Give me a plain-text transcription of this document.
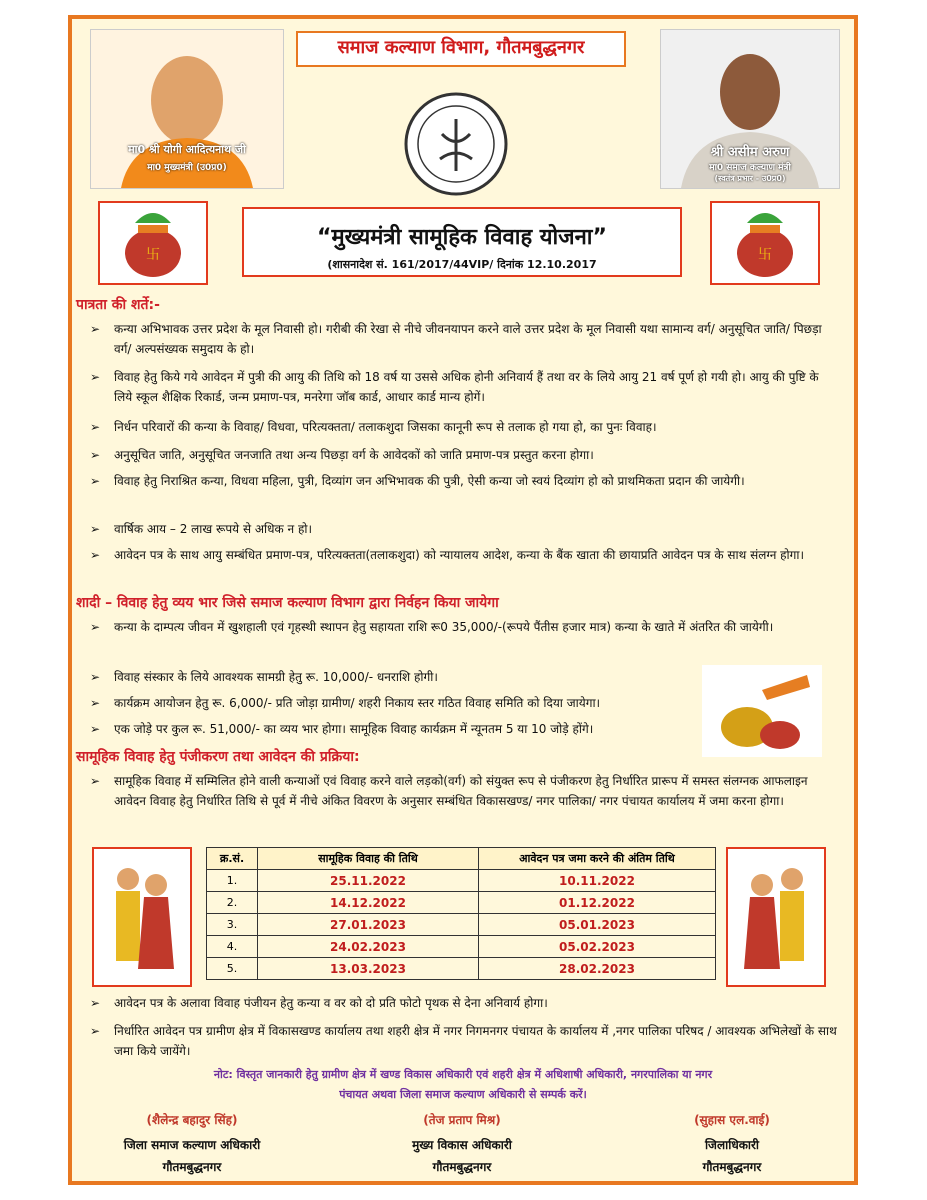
मा0 श्री योगी आदित्यनाथ जी
मा0 मुख्यमंत्री (उ0प्र0)
समाज कल्याण विभाग, गौतमबुद्धनगर
श्री असीम अरुण
मा0 समाज कल्याण मंत्री
(स्वतंत्र प्रभार - उ0प्र0)
卐
“मुख्यमंत्री सामूहिक विवाह योजना”
(शासनादेश सं. 161/2017/44VIP/ दिनांक 12.10.2017
卐
पात्रता की शर्ते:-
➢ कन्या अभिभावक उत्तर प्रदेश के मूल निवासी हो। गरीबी की रेखा से नीचे जीवनयापन करने वाले उत्तर प्रदेश के मूल निवासी यथा सामान्य वर्ग/ अनुसूचित जाति/ पिछड़ा वर्ग/ अल्पसंख्यक समुदाय के हो।
➢ विवाह हेतु किये गये आवेदन में पुत्री की आयु की तिथि को 18 वर्ष या उससे अधिक होनी अनिवार्य हैं तथा वर के लिये आयु 21 वर्ष पूर्ण हो गयी हो। आयु की पुष्टि के लिये स्कूल शैक्षिक रिकार्ड, जन्म प्रमाण-पत्र, मनरेगा जॉब कार्ड, आधार कार्ड मान्य होगें।
➢ निर्धन परिवारों की कन्या के विवाह/ विधवा, परित्यक्तता/ तलाकशुदा जिसका कानूनी रूप से तलाक हो गया हो, का पुनः विवाह।
➢ अनुसूचित जाति, अनुसूचित जनजाति तथा अन्य पिछड़ा वर्ग के आवेदकों को जाति प्रमाण-पत्र प्रस्तुत करना होगा।
➢ विवाह हेतु निराश्रित कन्या, विधवा महिला, पुत्री, दिव्यांग जन अभिभावक की पुत्री, ऐसी कन्या जो स्वयं दिव्यांग हो को प्राथमिकता प्रदान की जायेगी।
➢ वार्षिक आय – 2 लाख रूपये से अधिक न हो।
➢ आवेदन पत्र के साथ आयु सम्बंधित प्रमाण-पत्र, परित्यक्तता(तलाकशुदा) को न्यायालय आदेश, कन्या के बैंक खाता की छायाप्रति आवेदन पत्र के साथ संलग्न होगा।
शादी – विवाह हेतु व्यय भार जिसे समाज कल्याण विभाग द्वारा निर्वहन किया जायेगा
➢ कन्या के दाम्पत्य जीवन में खुशहाली एवं गृहस्थी स्थापन हेतु सहायता राशि रू0 35,000/-(रूपये पैंतीस हजार मात्र) कन्या के खाते में अंतरित की जायेगी।
➢ विवाह संस्कार के लिये आवश्यक सामग्री हेतु रू. 10,000/- धनराशि होगी।
➢ कार्यक्रम आयोजन हेतु रू. 6,000/- प्रति जोड़ा ग्रामीण/ शहरी निकाय स्तर गठित विवाह समिति को दिया जायेगा।
➢ एक जोड़े पर कुल रू. 51,000/- का व्यय भार होगा। सामूहिक विवाह कार्यक्रम में न्यूनतम 5 या 10 जोड़े होंगे।
सामूहिक विवाह हेतु पंजीकरण तथा आवेदन की प्रक्रिया:
➢ सामूहिक विवाह में सम्मिलित होने वाली कन्याओं एवं विवाह करने वाले लड़को(वर्ग) को संयुक्त रूप से पंजीकरण हेतु निर्धारित प्रारूप में समस्त संलग्नक आफलाइन आवेदन विवाह हेतु निर्धारित तिथि से पूर्व में नीचे अंकित विवरण के अनुसार सम्बंधित विकासखण्ड/ नगर पालिका/ नगर पंचायत कार्यालय में जमा करना होगा।
क्र.सं.	सामूहिक विवाह की तिथि	आवेदन पत्र जमा करने की अंतिम तिथि
1.	25.11.2022	10.11.2022
2.	14.12.2022	01.12.2022
3.	27.01.2023	05.01.2023
4.	24.02.2023	05.02.2023
5.	13.03.2023	28.02.2023
➢ आवेदन पत्र के अलावा विवाह पंजीयन हेतु कन्या व वर को दो प्रति फोटो पृथक से देना अनिवार्य होगा।
➢ निर्धारित आवेदन पत्र ग्रामीण क्षेत्र में विकासखण्ड कार्यालय तथा शहरी क्षेत्र में नगर निगमनगर पंचायत के कार्यालय में ,नगर पालिका परिषद / आवश्यक अभिलेखों के साथ जमा किये जायेंगे।
नोट: विस्तृत जानकारी हेतु ग्रामीण क्षेत्र में खण्ड विकास अधिकारी एवं शहरी क्षेत्र में अधिशाषी अधिकारी, नगरपालिका या नगर
पंचायत अथवा जिला समाज कल्याण अधिकारी से सम्पर्क करें।
(शैलेन्द्र बहादुर सिंह)
जिला समाज कल्याण अधिकारी
गौतमबुद्धनगर
(तेज प्रताप मिश्र)
मुख्य विकास अधिकारी
गौतमबुद्धनगर
(सुहास एल.वाई)
जिलाधिकारी
गौतमबुद्धनगर
